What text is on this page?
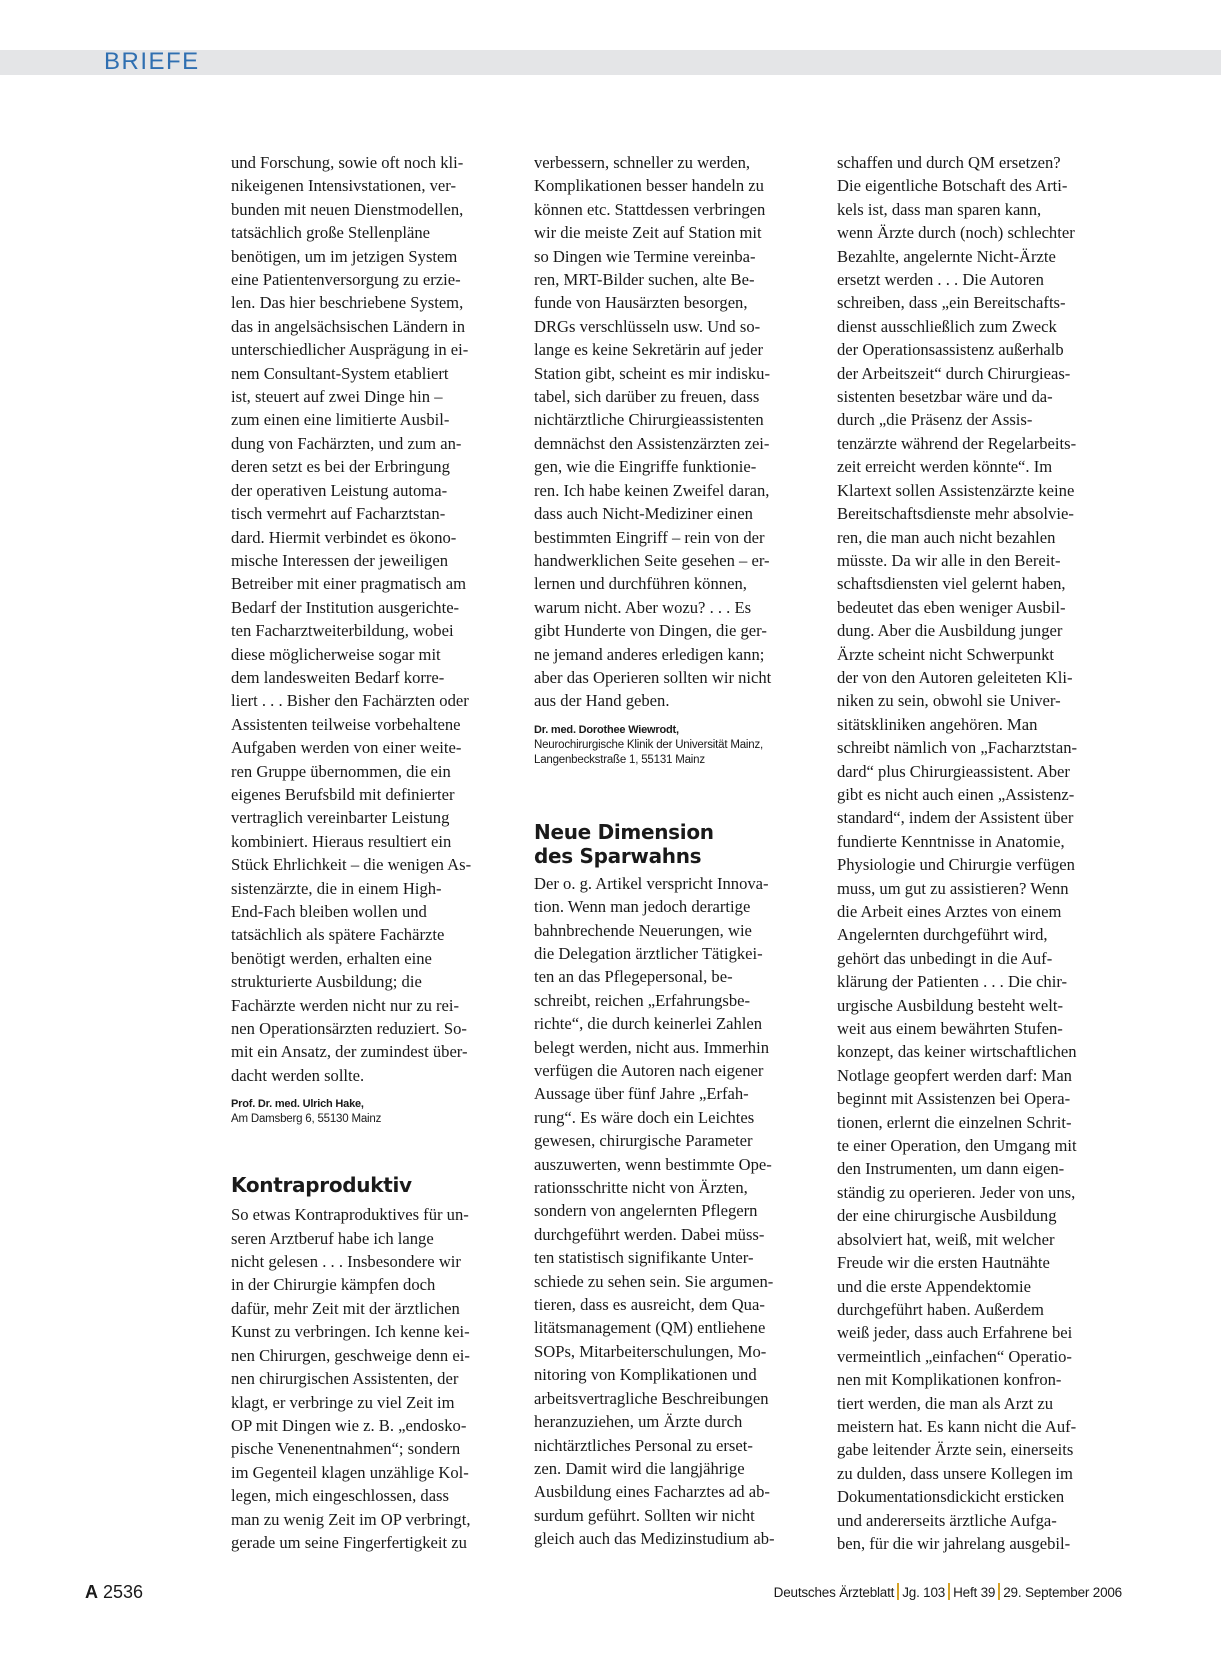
BRIEFE
und Forschung, sowie oft noch kli-
nikeigenen Intensivstationen, ver-
bunden mit neuen Dienstmodellen,
tatsächlich große Stellenpläne
benötigen, um im jetzigen System
eine Patientenversorgung zu erzie-
len. Das hier beschriebene System,
das in angelsächsischen Ländern in
unterschiedlicher Ausprägung in ei-
nem Consultant-System etabliert
ist, steuert auf zwei Dinge hin –
zum einen eine limitierte Ausbil-
dung von Fachärzten, und zum an-
deren setzt es bei der Erbringung
der operativen Leistung automa-
tisch vermehrt auf Facharztstan-
dard. Hiermit verbindet es ökono-
mische Interessen der jeweiligen
Betreiber mit einer pragmatisch am
Bedarf der Institution ausgerichte-
ten Facharztweiterbildung, wobei
diese möglicherweise sogar mit
dem landesweiten Bedarf korre-
liert . . . Bisher den Fachärzten oder
Assistenten teilweise vorbehaltene
Aufgaben werden von einer weite-
ren Gruppe übernommen, die ein
eigenes Berufsbild mit definierter
vertraglich vereinbarter Leistung
kombiniert. Hieraus resultiert ein
Stück Ehrlichkeit – die wenigen As-
sistenzärzte, die in einem High-
End-Fach bleiben wollen und
tatsächlich als spätere Fachärzte
benötigt werden, erhalten eine
strukturierte Ausbildung; die
Fachärzte werden nicht nur zu rei-
nen Operationsärzten reduziert. So-
mit ein Ansatz, der zumindest über-
dacht werden sollte.
Prof. Dr. med. Ulrich Hake,
Am Damsberg 6, 55130 Mainz
Kontraproduktiv
So etwas Kontraproduktives für un-
seren Arztberuf habe ich lange
nicht gelesen . . . Insbesondere wir
in der Chirurgie kämpfen doch
dafür, mehr Zeit mit der ärztlichen
Kunst zu verbringen. Ich kenne kei-
nen Chirurgen, geschweige denn ei-
nen chirurgischen Assistenten, der
klagt, er verbringe zu viel Zeit im
OP mit Dingen wie z. B. „endosko-
pische Venenentnahmen“; sondern
im Gegenteil klagen unzählige Kol-
legen, mich eingeschlossen, dass
man zu wenig Zeit im OP verbringt,
gerade um seine Fingerfertigkeit zu
verbessern, schneller zu werden,
Komplikationen besser handeln zu
können etc. Stattdessen verbringen
wir die meiste Zeit auf Station mit
so Dingen wie Termine vereinba-
ren, MRT-Bilder suchen, alte Be-
funde von Hausärzten besorgen,
DRGs verschlüsseln usw. Und so-
lange es keine Sekretärin auf jeder
Station gibt, scheint es mir indisku-
tabel, sich darüber zu freuen, dass
nichtärztliche Chirurgieassistenten
demnächst den Assistenzärzten zei-
gen, wie die Eingriffe funktionie-
ren. Ich habe keinen Zweifel daran,
dass auch Nicht-Mediziner einen
bestimmten Eingriff – rein von der
handwerklichen Seite gesehen – er-
lernen und durchführen können,
warum nicht. Aber wozu? . . . Es
gibt Hunderte von Dingen, die ger-
ne jemand anderes erledigen kann;
aber das Operieren sollten wir nicht
aus der Hand geben.
Dr. med. Dorothee Wiewrodt,
Neurochirurgische Klinik der Universität Mainz,
Langenbeckstraße 1, 55131 Mainz
Neue Dimension
des Sparwahns
Der o. g. Artikel verspricht Innova-
tion. Wenn man jedoch derartige
bahnbrechende Neuerungen, wie
die Delegation ärztlicher Tätigkei-
ten an das Pflegepersonal, be-
schreibt, reichen „Erfahrungsbe-
richte“, die durch keinerlei Zahlen
belegt werden, nicht aus. Immerhin
verfügen die Autoren nach eigener
Aussage über fünf Jahre „Erfah-
rung“. Es wäre doch ein Leichtes
gewesen, chirurgische Parameter
auszuwerten, wenn bestimmte Ope-
rationsschritte nicht von Ärzten,
sondern von angelernten Pflegern
durchgeführt werden. Dabei müss-
ten statistisch signifikante Unter-
schiede zu sehen sein. Sie argumen-
tieren, dass es ausreicht, dem Qua-
litätsmanagement (QM) entliehene
SOPs, Mitarbeiterschulungen, Mo-
nitoring von Komplikationen und
arbeitsvertragliche Beschreibungen
heranzuziehen, um Ärzte durch
nichtärztliches Personal zu erset-
zen. Damit wird die langjährige
Ausbildung eines Facharztes ad ab-
surdum geführt. Sollten wir nicht
gleich auch das Medizinstudium ab-
schaffen und durch QM ersetzen?
Die eigentliche Botschaft des Arti-
kels ist, dass man sparen kann,
wenn Ärzte durch (noch) schlechter
Bezahlte, angelernte Nicht-Ärzte
ersetzt werden . . . Die Autoren
schreiben, dass „ein Bereitschafts-
dienst ausschließlich zum Zweck
der Operationsassistenz außerhalb
der Arbeitszeit“ durch Chirurgieas-
sistenten besetzbar wäre und da-
durch „die Präsenz der Assis-
tenzärzte während der Regelarbeits-
zeit erreicht werden könnte“. Im
Klartext sollen Assistenzärzte keine
Bereitschaftsdienste mehr absolvie-
ren, die man auch nicht bezahlen
müsste. Da wir alle in den Bereit-
schaftsdiensten viel gelernt haben,
bedeutet das eben weniger Ausbil-
dung. Aber die Ausbildung junger
Ärzte scheint nicht Schwerpunkt
der von den Autoren geleiteten Kli-
niken zu sein, obwohl sie Univer-
sitätskliniken angehören. Man
schreibt nämlich von „Facharztstan-
dard“ plus Chirurgieassistent. Aber
gibt es nicht auch einen „Assistenz-
standard“, indem der Assistent über
fundierte Kenntnisse in Anatomie,
Physiologie und Chirurgie verfügen
muss, um gut zu assistieren? Wenn
die Arbeit eines Arztes von einem
Angelernten durchgeführt wird,
gehört das unbedingt in die Auf-
klärung der Patienten . . . Die chir-
urgische Ausbildung besteht welt-
weit aus einem bewährten Stufen-
konzept, das keiner wirtschaftlichen
Notlage geopfert werden darf: Man
beginnt mit Assistenzen bei Opera-
tionen, erlernt die einzelnen Schrit-
te einer Operation, den Umgang mit
den Instrumenten, um dann eigen-
ständig zu operieren. Jeder von uns,
der eine chirurgische Ausbildung
absolviert hat, weiß, mit welcher
Freude wir die ersten Hautnähte
und die erste Appendektomie
durchgeführt haben. Außerdem
weiß jeder, dass auch Erfahrene bei
vermeintlich „einfachen“ Operatio-
nen mit Komplikationen konfron-
tiert werden, die man als Arzt zu
meistern hat. Es kann nicht die Auf-
gabe leitender Ärzte sein, einerseits
zu dulden, dass unsere Kollegen im
Dokumentationsdickicht ersticken
und andererseits ärztliche Aufga-
ben, für die wir jahrelang ausgebil-
A 2536	Deutsches Ärzteblatt Jg. 103 Heft 39 29. September 2006
